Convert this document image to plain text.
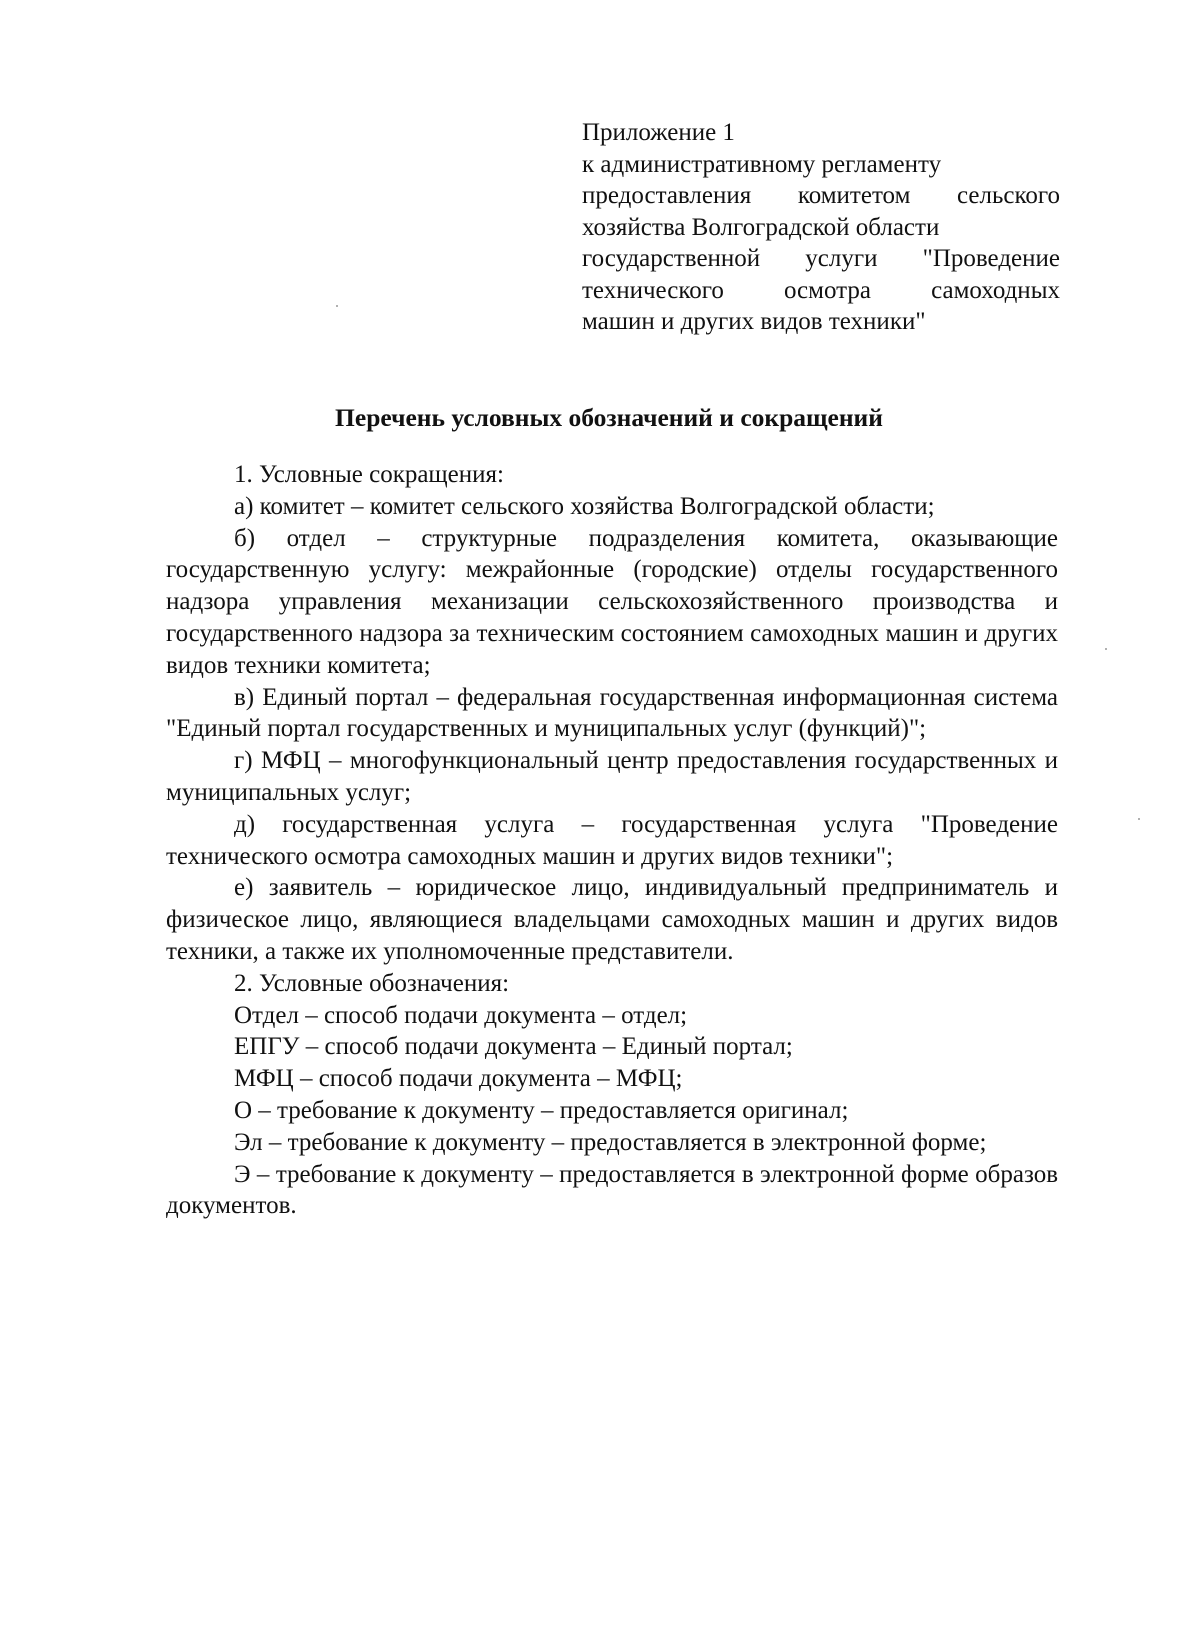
Приложение 1
к административному регламенту
предоставления комитетом сельского
хозяйства Волгоградской области
государственной услуги "Проведение
технического осмотра самоходных
машин и других видов техники"
Перечень условных обозначений и сокращений

1. Условные сокращения:

а) комитет – комитет сельского хозяйства Волгоградской области;

б) отдел – структурные подразделения комитета, оказывающие государственную услугу: межрайонные (городские) отделы государственного надзора управления механизации сельскохозяйственного производства и государственного надзора за техническим состоянием самоходных машин и других видов техники комитета;

в) Единый портал – федеральная государственная информационная система "Единый портал государственных и муниципальных услуг (функций)";

г) МФЦ – многофункциональный центр предоставления государственных и муниципальных услуг;

д) государственная услуга – государственная услуга "Проведение технического осмотра самоходных машин и других видов техники";

е) заявитель – юридическое лицо, индивидуальный предприниматель и физическое лицо, являющиеся владельцами самоходных машин и других видов техники, а также их уполномоченные представители.

2. Условные обозначения:

Отдел – способ подачи документа – отдел;

ЕПГУ – способ подачи документа – Единый портал;

МФЦ – способ подачи документа – МФЦ;

О – требование к документу – предоставляется оригинал;

Эл – требование к документу – предоставляется в электронной форме;

Э – требование к документу – предоставляется в электронной форме образов документов.
